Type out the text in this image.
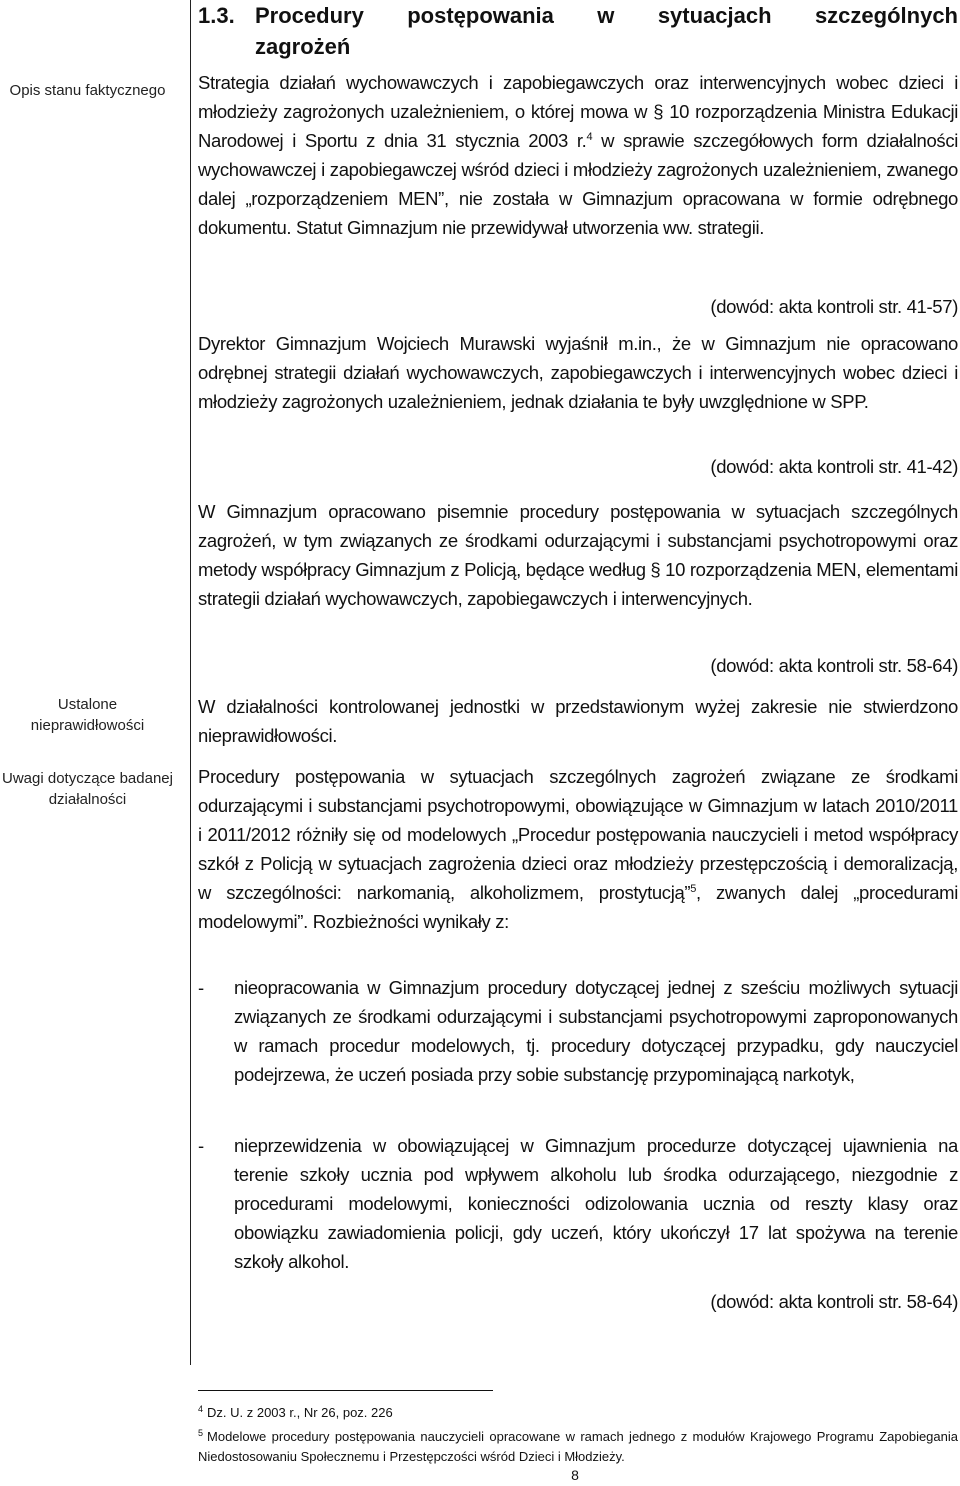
Opis stanu faktycznego
Ustalone nieprawidłowości
Uwagi dotyczące badanej działalności
1.3. Procedury postępowania w sytuacjach szczególnych
zagrożeń

Strategia działań wychowawczych i zapobiegawczych oraz interwencyjnych wobec dzieci i młodzieży zagrożonych uzależnieniem, o której mowa w § 10 rozporządzenia Ministra Edukacji Narodowej i Sportu z dnia 31 stycznia 2003 r.$^4$ w sprawie szczegółowych form działalności wychowawczej i zapobiegawczej wśród dzieci i młodzieży zagrożonych uzależnieniem, zwanego dalej „rozporządzeniem MEN”, nie została w Gimnazjum opracowana w formie odrębnego dokumentu. Statut Gimnazjum nie przewidywał utworzenia ww. strategii.

(dowód: akta kontroli str. 41-57)
Dyrektor Gimnazjum Wojciech Murawski wyjaśnił m.in., że w Gimnazjum nie opracowano odrębnej strategii działań wychowawczych, zapobiegawczych i interwencyjnych wobec dzieci i młodzieży zagrożonych uzależnieniem, jednak działania te były uwzględnione w SPP.
(dowód: akta kontroli str. 41-42)
W Gimnazjum opracowano pisemnie procedury postępowania w sytuacjach szczególnych zagrożeń, w tym związanych ze środkami odurzającymi i substancjami psychotropowymi oraz metody współpracy Gimnazjum z Policją, będące według § 10 rozporządzenia MEN, elementami strategii działań wychowawczych, zapobiegawczych i interwencyjnych.
(dowód: akta kontroli str. 58-64)
W działalności kontrolowanej jednostki w przedstawionym wyżej zakresie nie stwierdzono nieprawidłowości.

Procedury postępowania w sytuacjach szczególnych zagrożeń związane ze środkami odurzającymi i substancjami psychotropowymi, obowiązujące w Gimnazjum w latach 2010/2011 i 2011/2012 różniły się od modelowych „Procedur postępowania nauczycieli i metod współpracy szkół z Policją w sytuacjach zagrożenia dzieci oraz młodzieży przestępczością i demoralizacją, w szczególności: narkomanią, alkoholizmem, prostytucją”$^5$, zwanych dalej „procedurami modelowymi”. Rozbieżności wynikały z:

-	nieopracowania w Gimnazjum procedury dotyczącej jednej z sześciu możliwych sytuacji związanych ze środkami odurzającymi i substancjami psychotropowymi zaproponowanych w ramach procedur modelowych, tj. procedury dotyczącej przypadku, gdy nauczyciel podejrzewa, że uczeń posiada przy sobie substancję przypominającą narkotyk,
-	nieprzewidzenia w obowiązującej w Gimnazjum procedurze dotyczącej ujawnienia na terenie szkoły ucznia pod wpływem alkoholu lub środka odurzającego, niezgodnie z procedurami modelowymi, konieczności odizolowania ucznia od reszty klasy oraz obowiązku zawiadomienia policji, gdy uczeń, który ukończył 17 lat spożywa na terenie szkoły alkohol.
(dowód: akta kontroli str. 58-64)
$^4$ Dz. U. z 2003 r., Nr 26, poz. 226
$^5$ Modelowe procedury postępowania nauczycieli opracowane w ramach jednego z modułów Krajowego Programu Zapobiegania Niedostosowaniu Społecznemu i Przestępczości wśród Dzieci i Młodzieży.
8
